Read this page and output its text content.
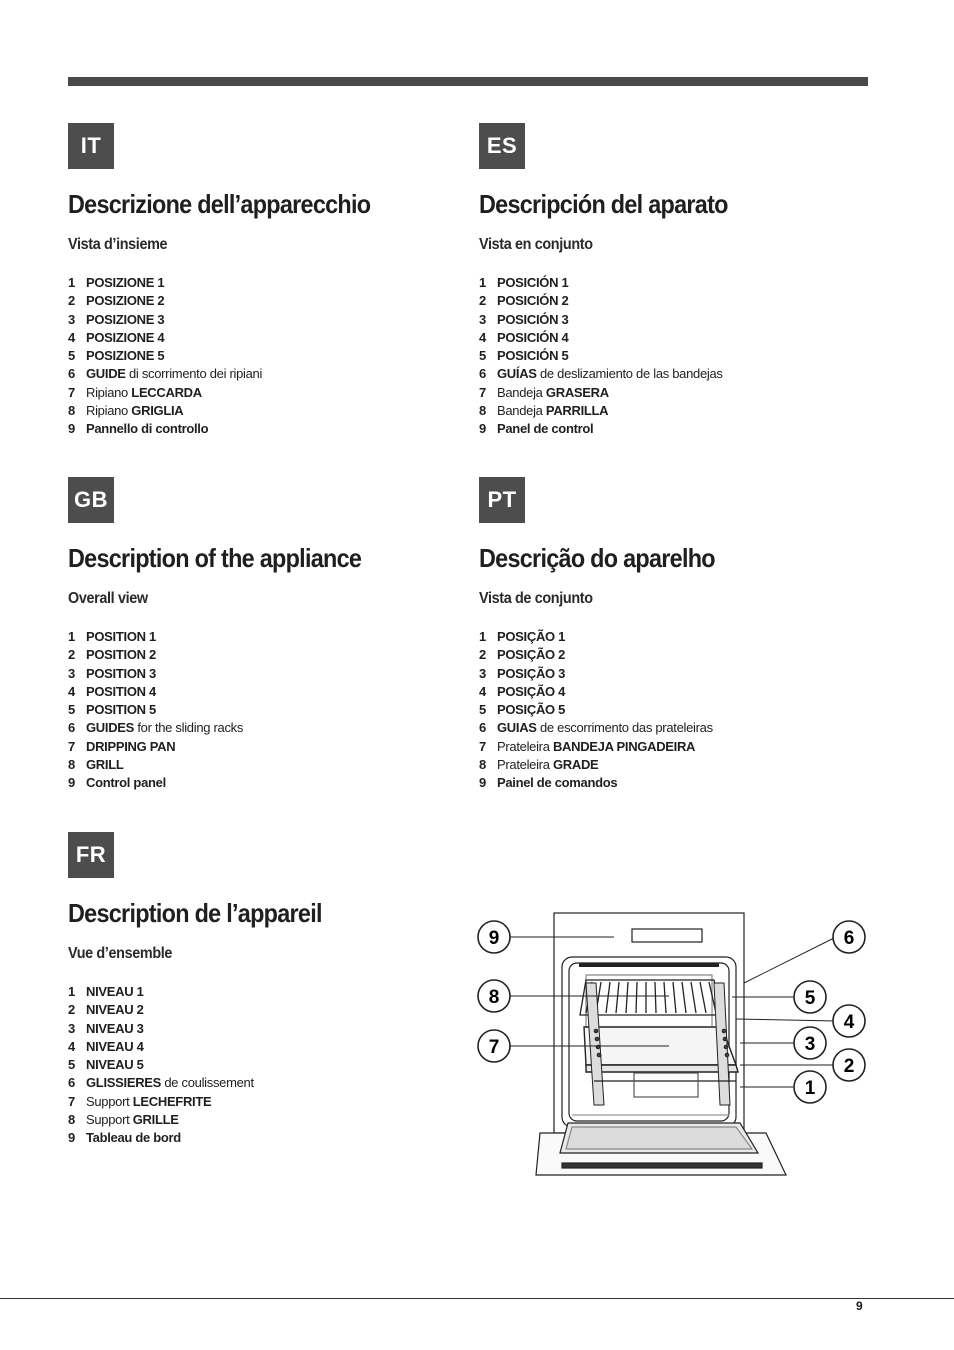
IT
Descrizione dell’apparecchio
Vista d’insieme
1 POSIZIONE 1
2 POSIZIONE 2
3 POSIZIONE 3
4 POSIZIONE 4
5 POSIZIONE 5
6 GUIDE di scorrimento dei ripiani
7 Ripiano LECCARDA
8 Ripiano GRIGLIA
9 Pannello di controllo
ES
Descripción del aparato
Vista en conjunto
1 POSICIÓN 1
2 POSICIÓN 2
3 POSICIÓN 3
4 POSICIÓN 4
5 POSICIÓN 5
6 GUÍAS de deslizamiento de las bandejas
7 Bandeja GRASERA
8 Bandeja PARRILLA
9 Panel de control
GB
Description of the appliance
Overall view
1 POSITION 1
2 POSITION 2
3 POSITION 3
4 POSITION 4
5 POSITION 5
6 GUIDES for the sliding racks
7 DRIPPING PAN
8 GRILL
9 Control panel
PT
Descrição do aparelho
Vista de conjunto
1 POSIÇÃO 1
2 POSIÇÃO 2
3 POSIÇÃO 3
4 POSIÇÃO 4
5 POSIÇÃO 5
6 GUIAS de escorrimento das prateleiras
7 Prateleira BANDEJA PINGADEIRA
8 Prateleira GRADE
9 Painel de comandos
FR
Description de l’appareil
Vue d’ensemble
1 NIVEAU 1
2 NIVEAU 2
3 NIVEAU 3
4 NIVEAU 4
5 NIVEAU 5
6 GLISSIERES de coulissement
7 Support LECHEFRITE
8 Support GRILLE
9 Tableau de bord
9
8
7
6
5
4
3
2
1
9
